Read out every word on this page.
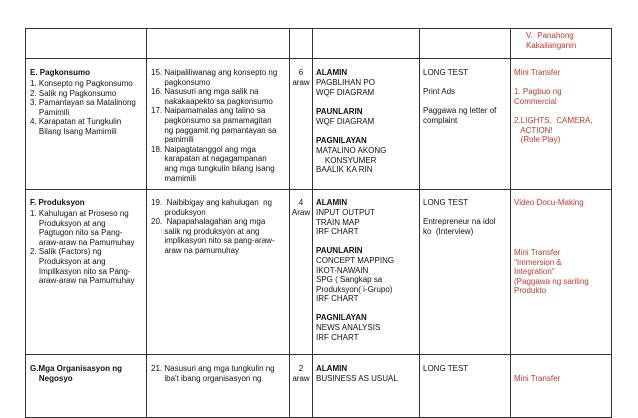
V.  Panahong
Kakailanganin
E. Pagkonsumo
1. Konsepto ng Pagkonsumo
2. Salik ng Pagkonsumo
3. Pamantayan sa Matalinong
Pamimili
4. Karapatan at Tungkulin
Bilang Isang Mamimili
15. Naipaliliwanag ang konsepto ng
pagkonsumo
16. Nasusuri ang mga salik na
nakakaapekto sa pagkonsumo
17. Naipamamalas ang talino sa
pagkonsumo sa pamamagitan
ng paggamit ng pamantayan sa
pamimili
18. Naipagtatanggol ang mga
karapatan at nagagampanan
ang mga tungkulin bilang isang
mamimili
6
araw
ALAMIN
PAGBLIHAN PO
WQF DIAGRAM
PAUNLARIN
WQF DIAGRAM
PAGNILAYAN
MATALINO AKONG
KONSYUMER
BAALIK KA RIN
LONG TEST

Print Ads

Paggawa ng letter of
complaint
Mini Transfer

1. Pagbuo ng
Commercial

2.LIGHTS,  CAMERA,
ACTION!
(Role Play)
F. Produksyon
1. Kahulugan at Proseso ng
Produksyon at ang
Pagtugon nito sa Pang-
araw-araw na Pamumuhay
2. Salik (Factors) ng
Produksyon at ang
Implikasyon nito sa Pang-
araw-araw na Pamumuhay
19.  Naibibigay ang kahulugan  ng
produksyon
20.  Napapahalagahan ang mga
salik ng produksyon at ang
implikasyon nito sa pang-araw-
araw na pamumuhay
4
Araw
ALAMIN
INPUT OUTPUT
TRAIN MAP
IRF CHART
PAUNLARIN
CONCEPT MAPPING
IKOT-NAWAIN
SPG ( Sangkap sa
Produksyon( i-Grupo)
IRF CHART
PAGNILAYAN
NEWS ANALYSIS
IRF CHART
LONG TEST

Entrepreneur na idol
ko  (Interview)
Video Docu-Making
Mini Transfer
"Immersion &
Integration"
(Paggawa ng sariling
Produkto
G.Mga Organisasyon ng
Negosyo
21. Nasusuri ang mga tungkulin ng
iba't ibang organisasyon ng
2
araw
ALAMIN
BUSINESS AS USUAL
LONG TEST
Mini Transfer
